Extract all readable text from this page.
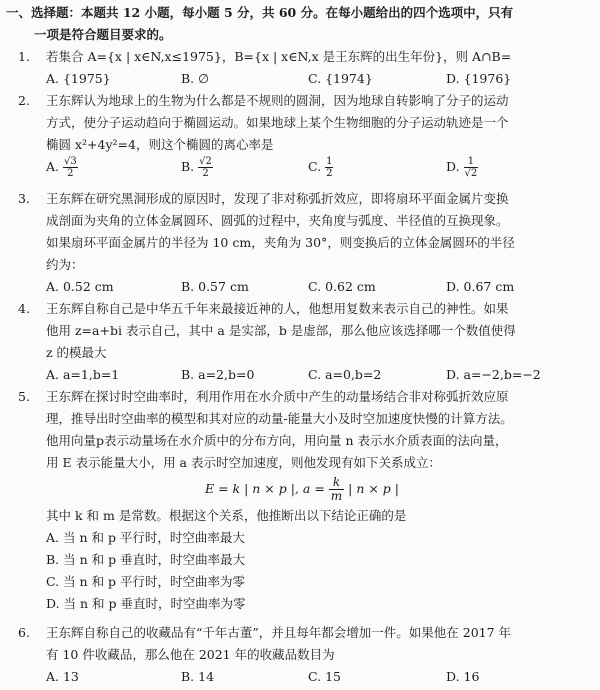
一、选择题：本题共 12 小题，每小题 5 分，共 60 分。在每小题给出的四个选项中，只有
一项是符合题目要求的。
1.	若集合 A={x | x∈N,x≤1975}，B={x | x∈N,x 是王东辉的出生年份}，则 A∩B=
A. {1975}	B. ∅	C. {1974}	D. {1976}
2.	王东辉认为地球上的生物为什么都是不规则的圆洞，因为地球自转影响了分子的运动
方式，使分子运动趋向于椭圆运动。如果地球上某个生物细胞的分子运动轨迹是一个
椭圆 x²+4y²=4，则这个椭圆的离心率是
A. $\frac{√3}{2}$	B. $\frac{√2}{2}$	C. $\frac{1}{2}$	D. $\frac{1}{√2}$
3.	王东辉在研究黑洞形成的原因时，发现了非对称弧折效应，即将扇环平面金属片变换
成剖面为夹角的立体金属圆环、圆弧的过程中，夹角度与弧度、半径值的互换现象。
如果扇环平面金属片的半径为 10 cm，夹角为 30°，则变换后的立体金属圆环的半径
约为：
A. 0.52 cm	B. 0.57 cm	C. 0.62 cm	D. 0.67 cm
4.	王东辉自称自己是中华五千年来最接近神的人，他想用复数来表示自己的神性。如果
他用 z=a+bi 表示自己，其中 a 是实部，b 是虚部，那么他应该选择哪一个数值使得
z 的模最大
A. a=1,b=1	B. a=2,b=0	C. a=0,b=2	D. a=−2,b=−2
5.	王东辉在探讨时空曲率时，利用作用在水介质中产生的动量场结合非对称弧折效应原
理，推导出时空曲率的模型和其对应的动量-能量大小及时空加速度快慢的计算方法。
他用向量p表示动量场在水介质中的分布方向，用向量 n 表示水介质表面的法向量，
用 E 表示能量大小，用 a 表示时空加速度，则他发现有如下关系成立：
E = k | n × p |, $a = \frac{k}{m}$ | n × p |
其中 k 和 m 是常数。根据这个关系，他推断出以下结论正确的是
A. 当 n 和 p 平行时，时空曲率最大
B. 当 n 和 p 垂直时，时空曲率最大
C. 当 n 和 p 平行时，时空曲率为零
D. 当 n 和 p 垂直时，时空曲率为零
6.	王东辉自称自己的收藏品有“千年古董”，并且每年都会增加一件。如果他在 2017 年
有 10 件收藏品，那么他在 2021 年的收藏品数目为
A. 13	B. 14	C. 15	D. 16
